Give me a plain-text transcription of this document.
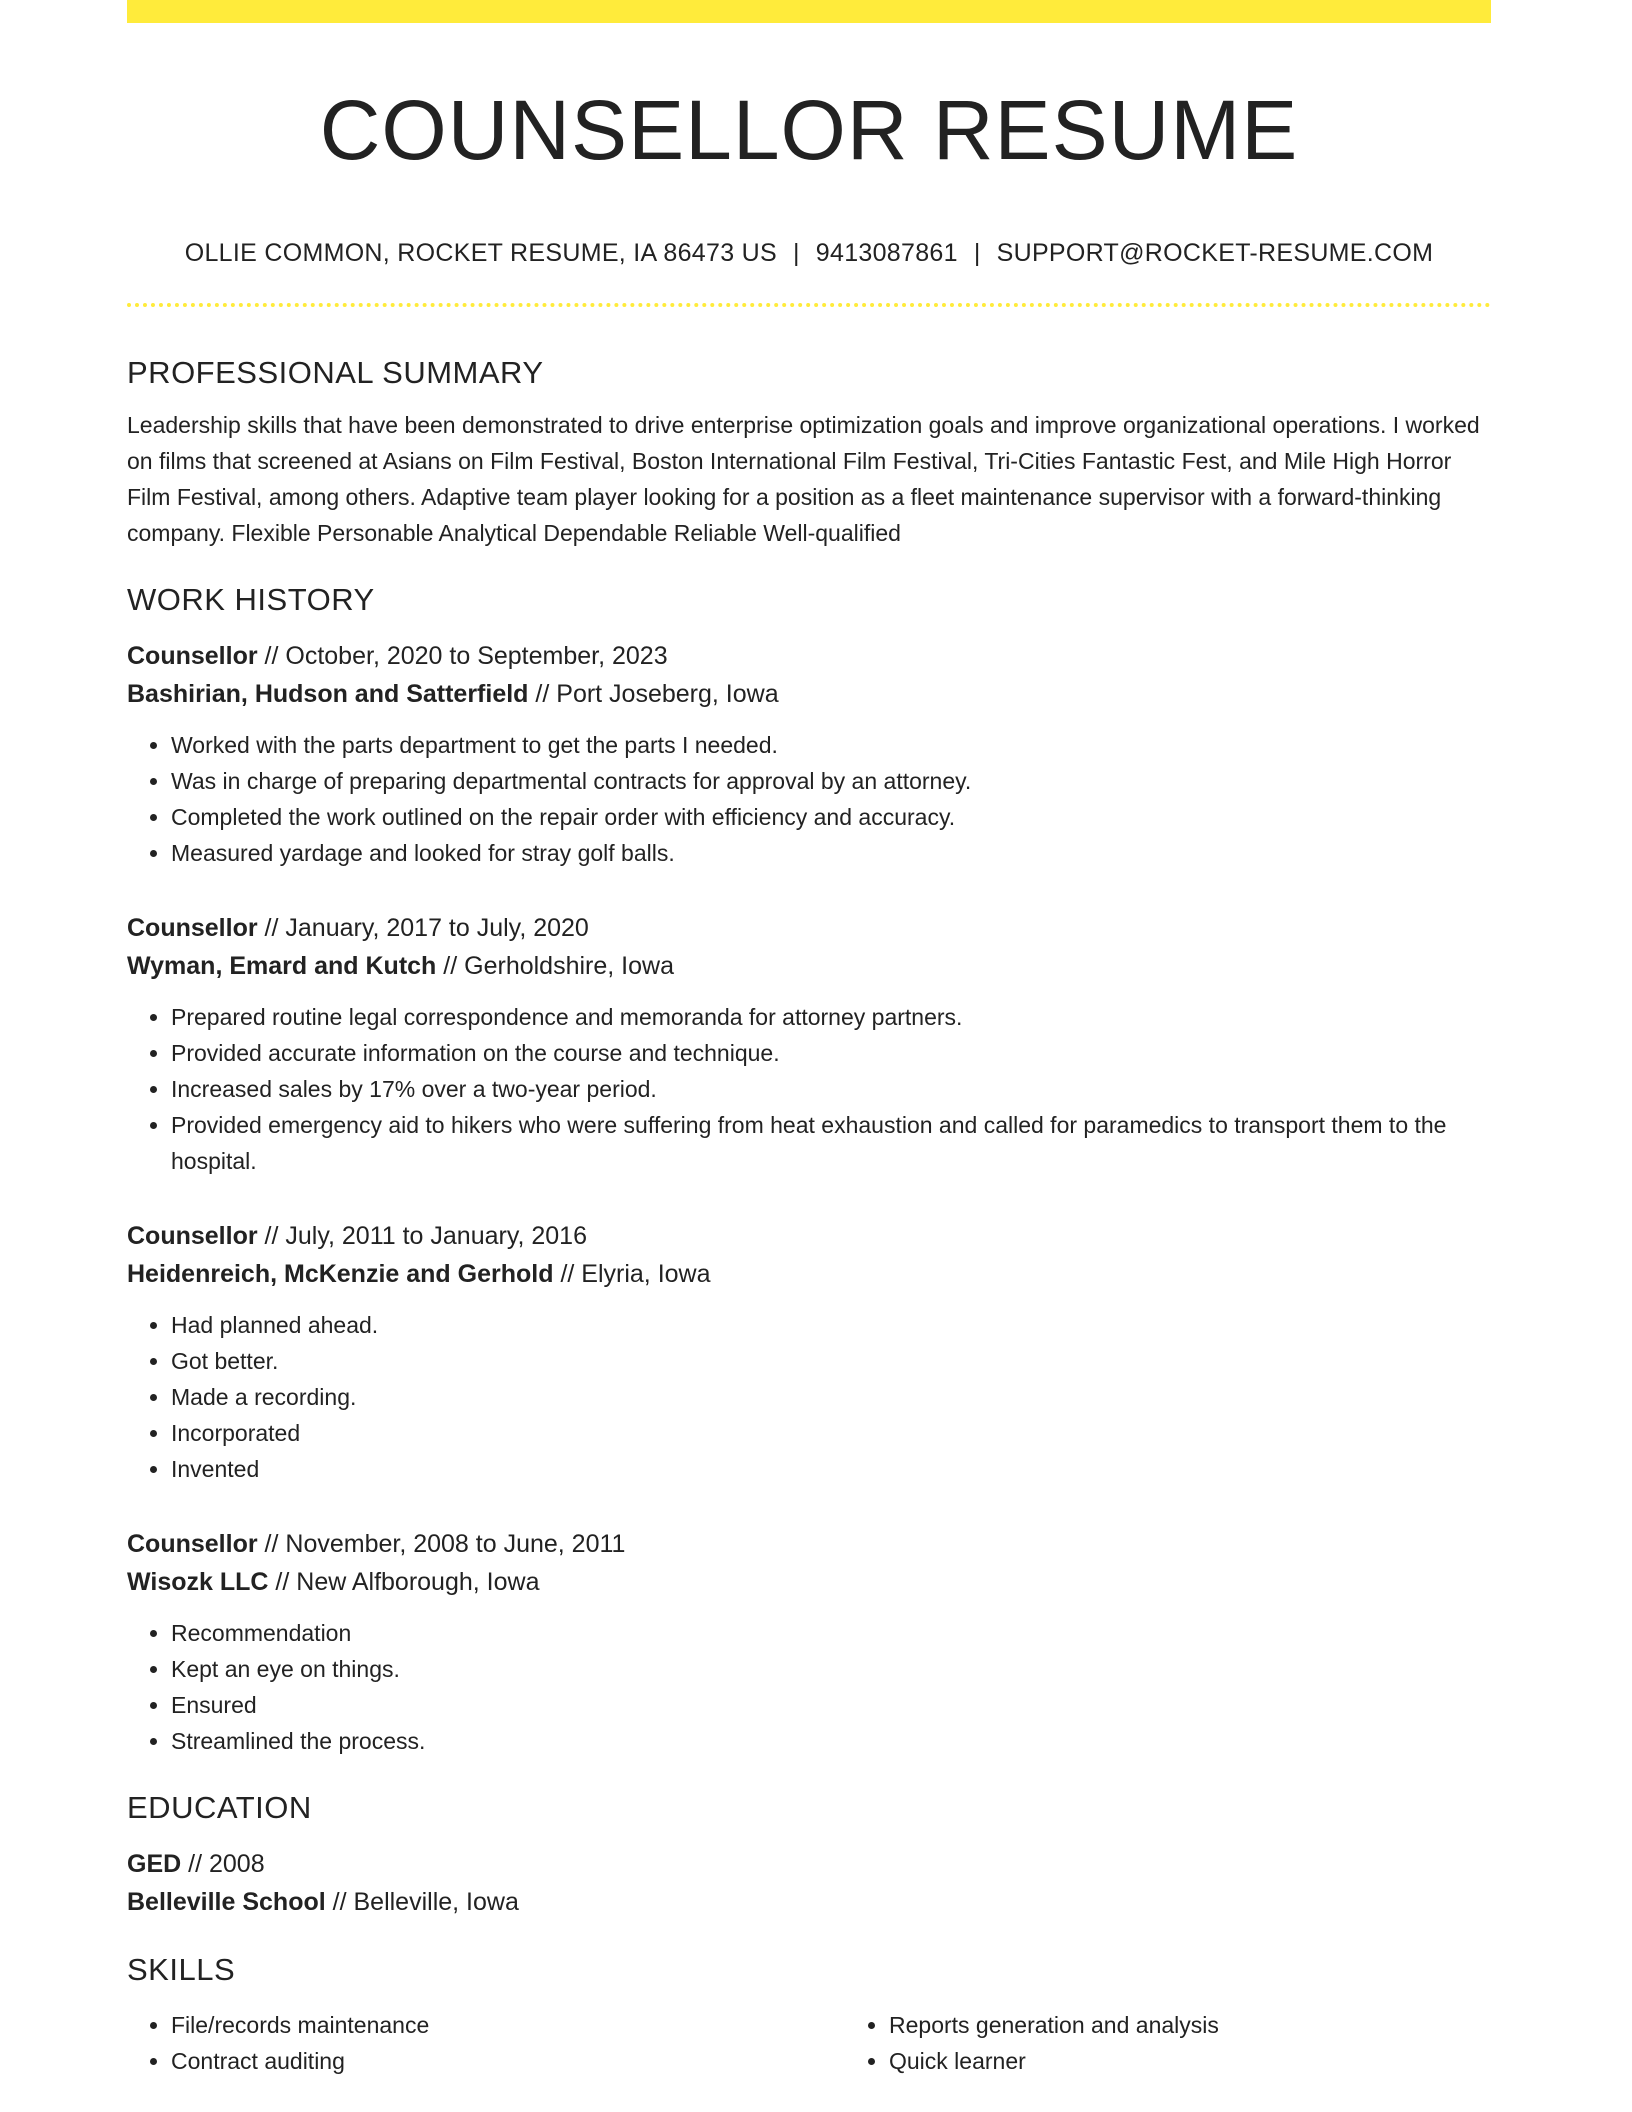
COUNSELLOR RESUME
OLLIE COMMON, ROCKET RESUME, IA 86473 US | 9413087861 | SUPPORT@ROCKET-RESUME.COM
PROFESSIONAL SUMMARY

Leadership skills that have been demonstrated to drive enterprise optimization goals and improve organizational operations. I worked on films that screened at Asians on Film Festival, Boston International Film Festival, Tri-Cities Fantastic Fest, and Mile High Horror Film Festival, among others. Adaptive team player looking for a position as a fleet maintenance supervisor with a forward-thinking company. Flexible Personable Analytical Dependable Reliable Well-qualified

WORK HISTORY
Counsellor // October, 2020 to September, 2023
Bashirian, Hudson and Satterfield // Port Joseberg, Iowa
• Worked with the parts department to get the parts I needed.
• Was in charge of preparing departmental contracts for approval by an attorney.
• Completed the work outlined on the repair order with efficiency and accuracy.
• Measured yardage and looked for stray golf balls.
Counsellor // January, 2017 to July, 2020
Wyman, Emard and Kutch // Gerholdshire, Iowa
• Prepared routine legal correspondence and memoranda for attorney partners.
• Provided accurate information on the course and technique.
• Increased sales by 17% over a two-year period.
• Provided emergency aid to hikers who were suffering from heat exhaustion and called for paramedics to transport them to the hospital.
Counsellor // July, 2011 to January, 2016
Heidenreich, McKenzie and Gerhold // Elyria, Iowa
• Had planned ahead.
• Got better.
• Made a recording.
• Incorporated
• Invented
Counsellor // November, 2008 to June, 2011
Wisozk LLC // New Alfborough, Iowa
• Recommendation
• Kept an eye on things.
• Ensured
• Streamlined the process.
EDUCATION
GED // 2008
Belleville School // Belleville, Iowa
SKILLS
• File/records maintenance
• Contract auditing
• Reports generation and analysis
• Quick learner
